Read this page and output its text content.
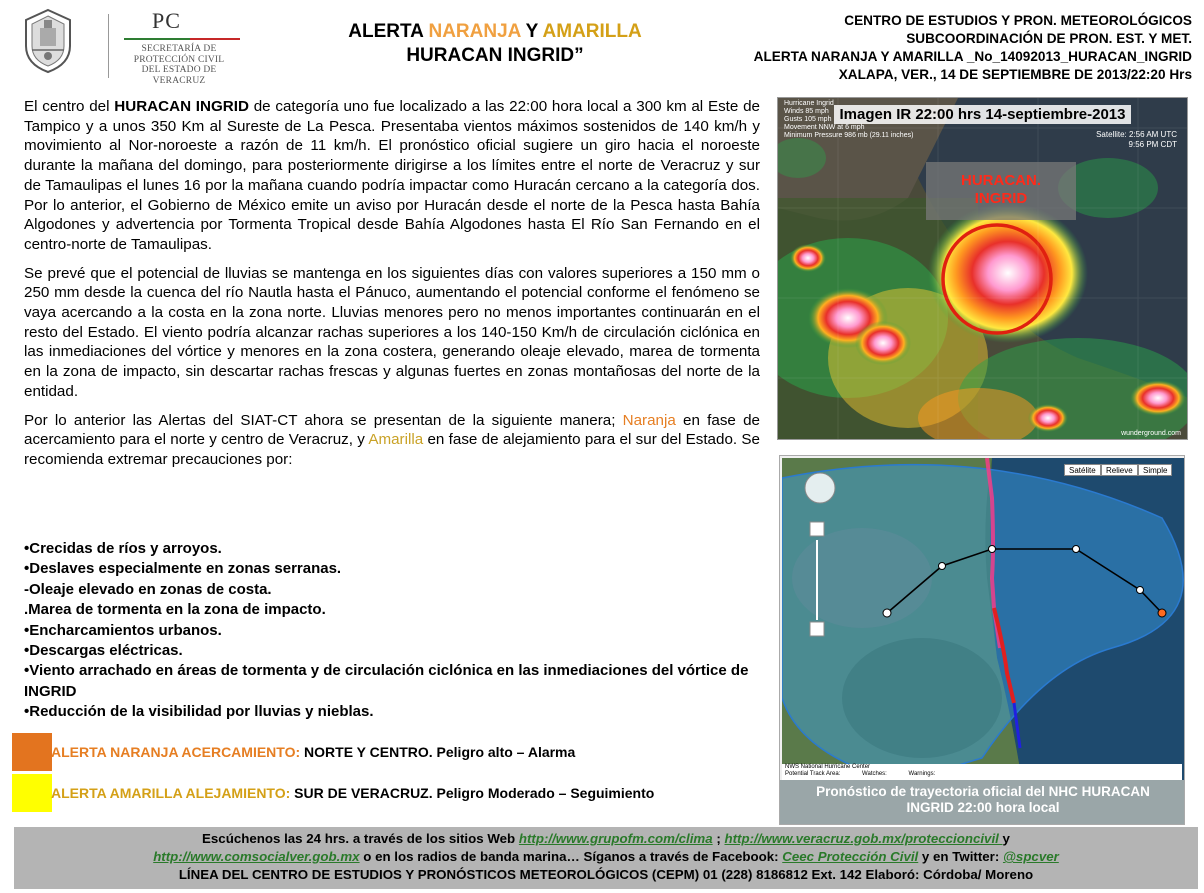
PC
SECRETARÍA DE
PROTECCIÓN CIVIL
DEL ESTADO DE VERACRUZ
ALERTA NARANJA Y AMARILLA
HURACAN INGRID”
CENTRO DE ESTUDIOS Y PRON. METEOROLÓGICOS
SUBCOORDINACIÓN DE PRON. EST. Y MET.
ALERTA NARANJA Y AMARILLA _No_14092013_HURACAN_INGRID
XALAPA, VER., 14 DE SEPTIEMBRE DE 2013/22:20 Hrs

El centro del HURACAN INGRID de categoría uno fue localizado a las 22:00 hora local a 300 km al Este de Tampico y a unos 350 Km al Sureste de La Pesca. Presentaba vientos máximos sostenidos de 140 km/h y movimiento al Nor-noroeste a razón de 11 km/h. El pronóstico oficial sugiere un giro hacia el noroeste durante la mañana del domingo, para posteriormente dirigirse a los límites entre el norte de Veracruz y sur de Tamaulipas el lunes 16 por la mañana cuando podría impactar como Huracán cercano a la categoría dos. Por lo anterior, el Gobierno de México emite un aviso por Huracán desde el norte de la Pesca hasta Bahía Algodones y advertencia por Tormenta Tropical desde Bahía Algodones hasta El Río San Fernando en el centro-norte de Tamaulipas.

Se prevé que el potencial de lluvias se mantenga en los siguientes días con valores superiores a 150 mm o 250 mm desde la cuenca del río Nautla hasta el Pánuco, aumentando el potencial conforme el fenómeno se vaya acercando a la costa en la zona norte. Lluvias menores pero no menos importantes continuarán en el resto del Estado. El viento podría alcanzar rachas superiores a los 140-150 Km/h de circulación ciclónica en las inmediaciones del vórtice y menores en la zona costera, generando oleaje elevado, marea de tormenta en la zona de impacto, sin descartar rachas frescas y algunas fuertes en zonas montañosas del norte de la entidad.

Por lo anterior las Alertas del SIAT-CT ahora se presentan de la siguiente manera; Naranja en fase de acercamiento para el norte y centro de Veracruz, y Amarilla en fase de alejamiento para el sur del Estado. Se recomienda extremar precauciones por:

•Crecidas de ríos y arroyos.
•Deslaves especialmente en zonas serranas.
-Oleaje elevado en zonas de costa.
.Marea de tormenta en la zona de impacto.
•Encharcamientos urbanos.
•Descargas eléctricas.
•Viento arrachado en áreas de tormenta y de circulación ciclónica en las inmediaciones del vórtice de INGRID
•Reducción de la visibilidad por lluvias y nieblas.
ALERTA NARANJA ACERCAMIENTO: NORTE Y CENTRO. Peligro alto – Alarma
ALERTA AMARILLA ALEJAMIENTO: SUR DE VERACRUZ. Peligro Moderado – Seguimiento
Hurricane Ingrid
Winds 85 mph
Gusts 105 mph
Movement NNW at 6 mph
Minimum Pressure 986 mb (29.11 inches)	Satellite: 2:56 AM UTC
9:56 PM CDT
Imagen IR 22:00 hrs 14-septiembre-2013
HURACAN.
INGRID
wunderground.com
Satélite	Relieve	Simple
NWS National Hurricane Center
Potential Track Area:	Watches:	Warnings:
Pronóstico de trayectoria oficial del NHC HURACAN
INGRID 22:00 hora local
Escúchenos las 24 hrs. a través de los sitios Web http://www.grupofm.com/clima ; http://www.veracruz.gob.mx/proteccioncivil y
http://www.comsocialver.gob.mx o en los radios de banda marina… Síganos a través de Facebook: Ceec Protección Civil y en Twitter: @spcver
LÍNEA DEL CENTRO DE ESTUDIOS Y PRONÓSTICOS METEOROLÓGICOS (CEPM) 01 (228) 8186812 Ext. 142 Elaboró: Córdoba/ Moreno
